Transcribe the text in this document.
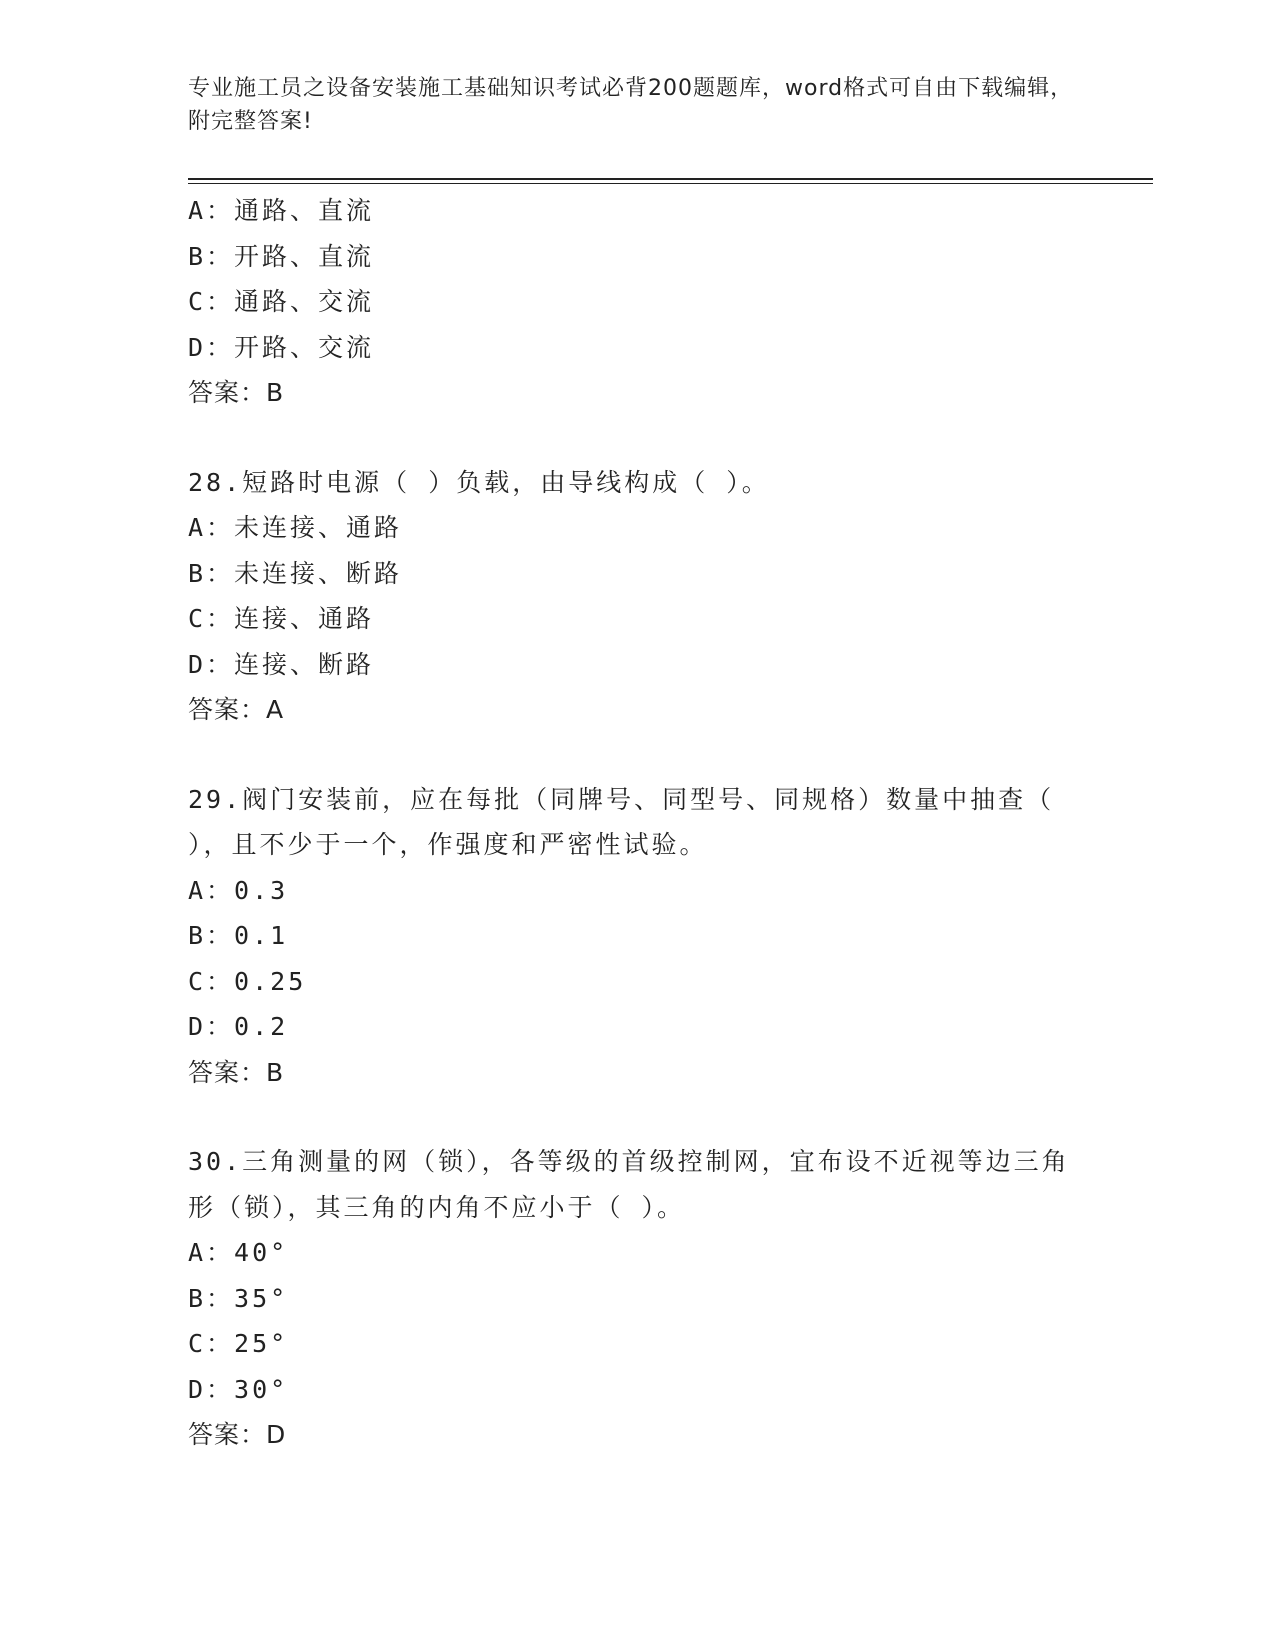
专业施工员之设备安装施工基础知识考试必背200题题库，word格式可自由下载编辑，附完整答案!
A：通路、直流
B：开路、直流
C：通路、交流
D：开路、交流
答案：B
28.短路时电源（ ）负载，由导线构成（ ）。
A：未连接、通路
B：未连接、断路
C：连接、通路
D：连接、断路
答案：A
29.阀门安装前，应在每批（同牌号、同型号、同规格）数量中抽查（ ），且不少于一个，作强度和严密性试验。
A：0.3
B：0.1
C：0.25
D：0.2
答案：B
30.三角测量的网（锁），各等级的首级控制网，宜布设不近视等边三角形（锁），其三角的内角不应小于（ ）。
A：40°
B：35°
C：25°
D：30°
答案：D
